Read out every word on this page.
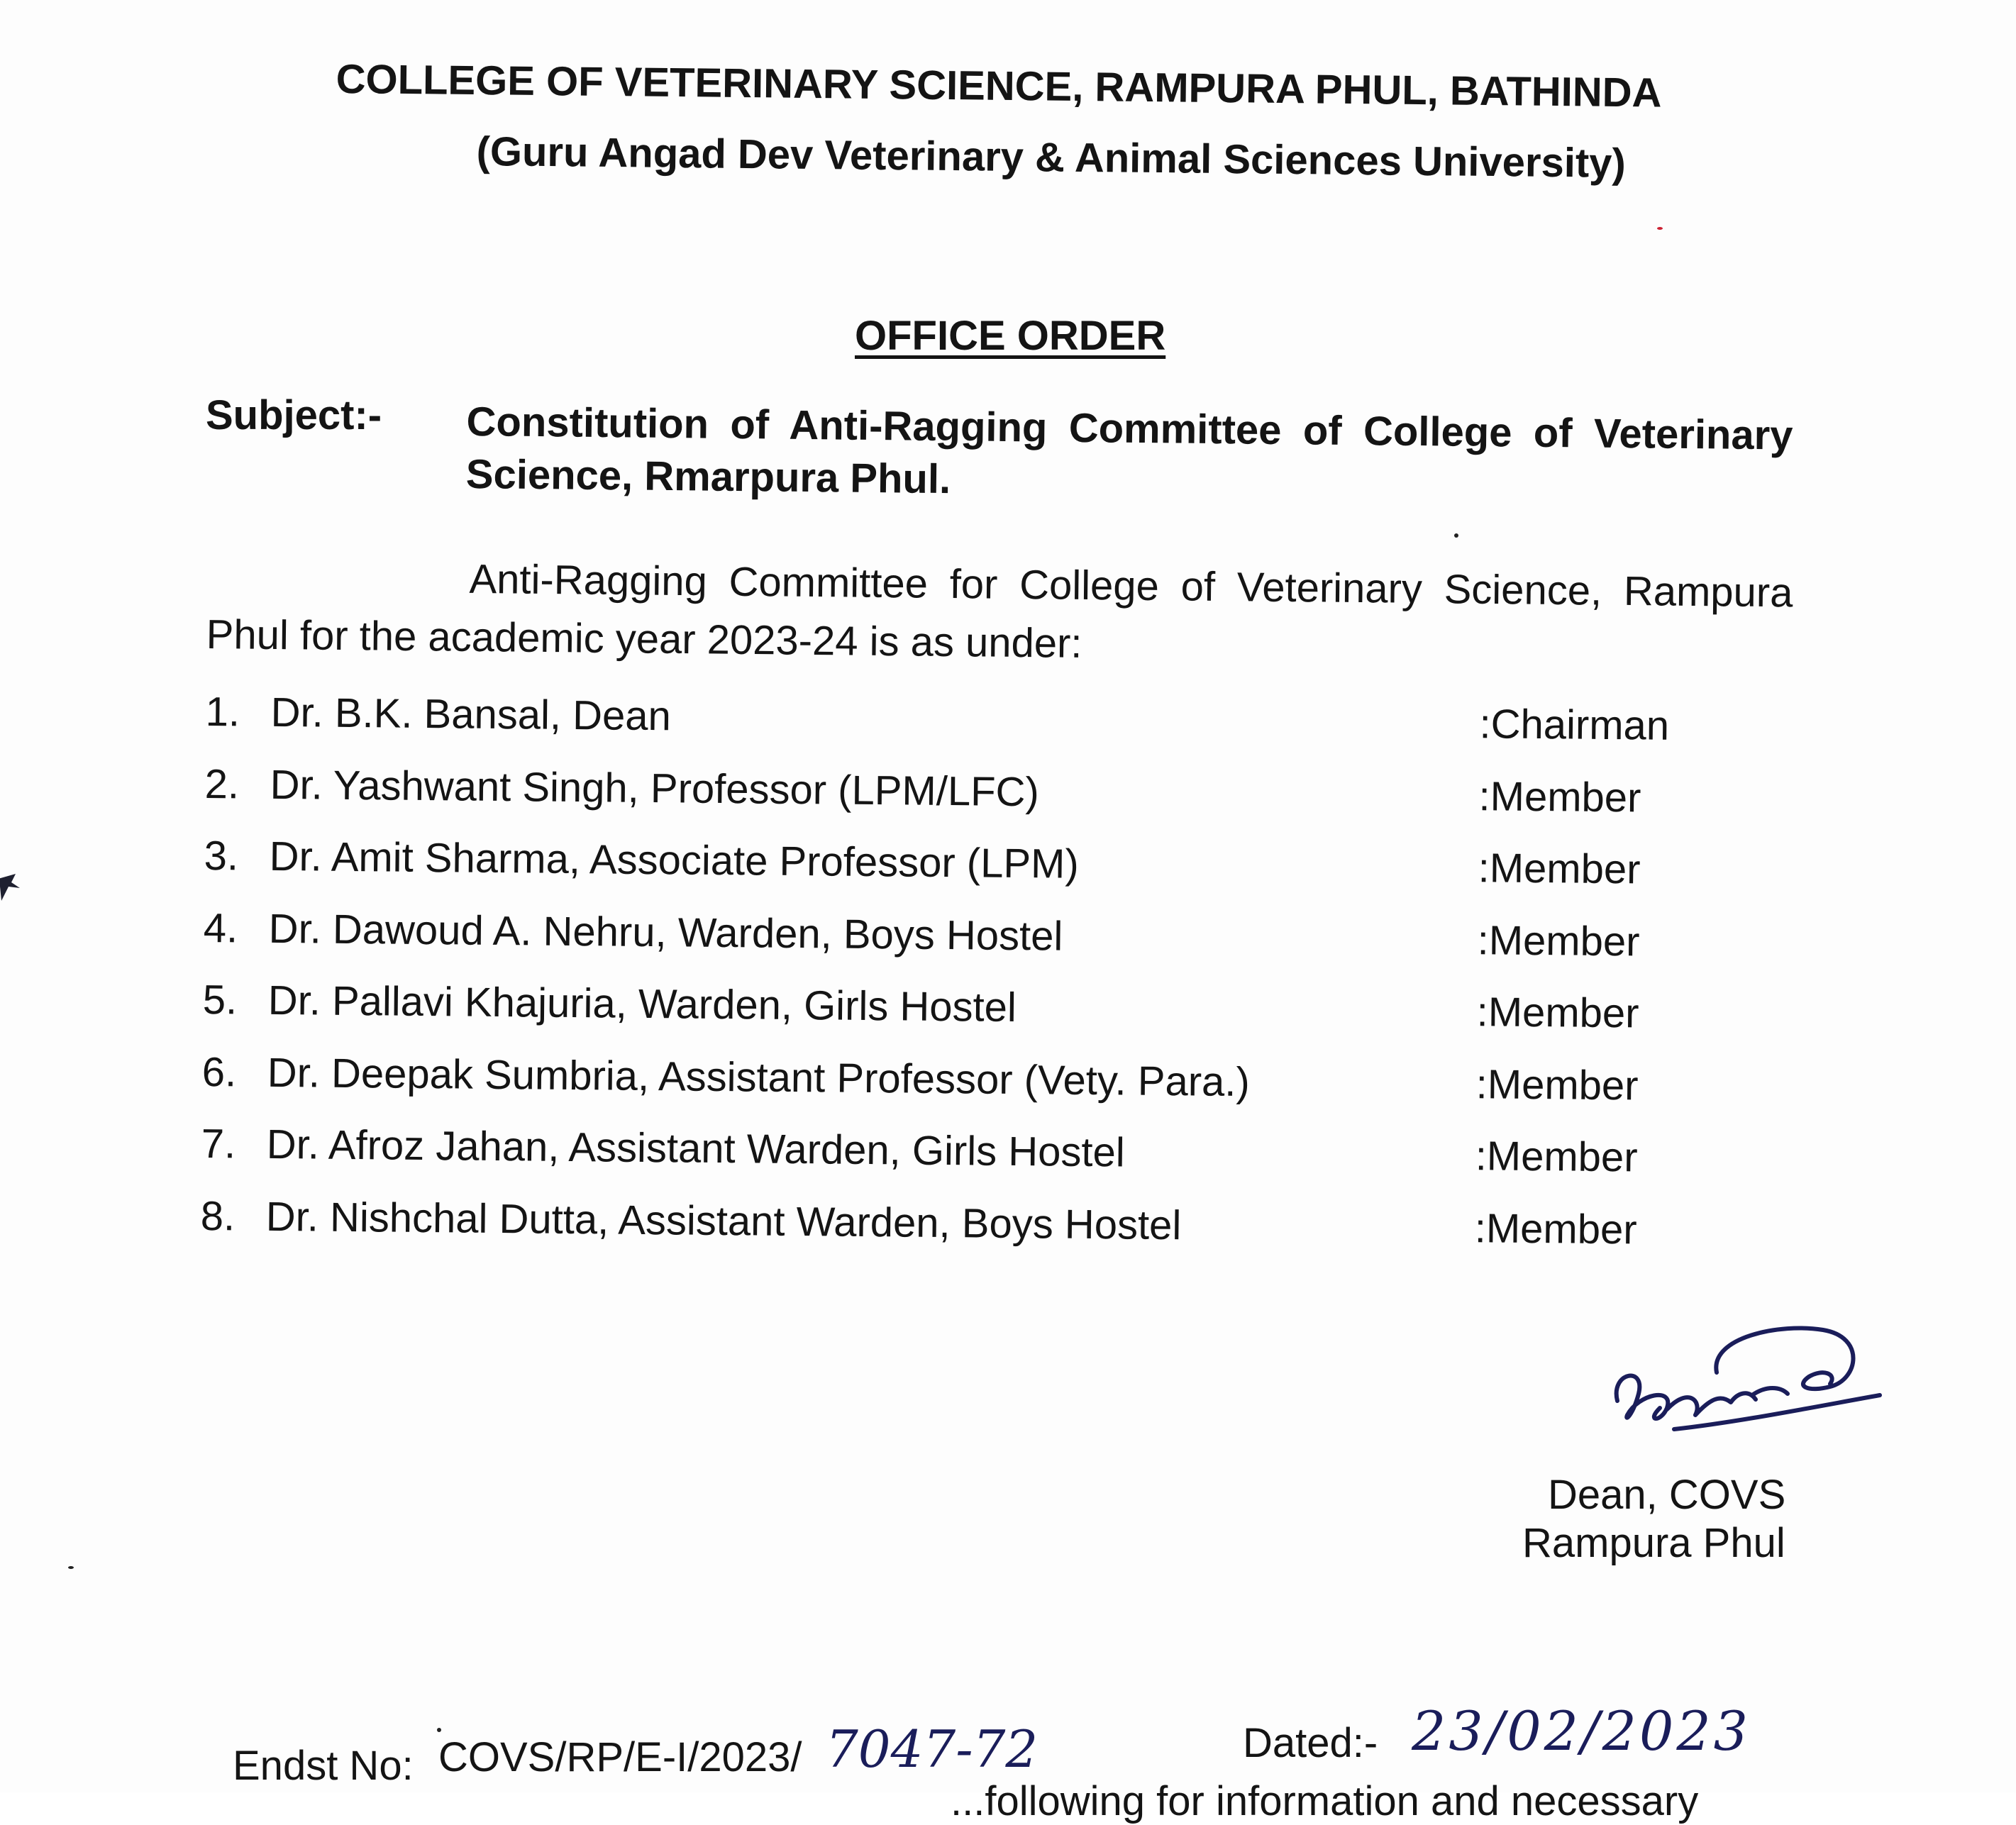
COLLEGE OF VETERINARY SCIENCE, RAMPURA PHUL, BATHINDA
(Guru Angad Dev Veterinary & Animal Sciences University)
OFFICE ORDER
Subject:- Constitution of Anti-Ragging Committee of College of Veterinary Science, Rmarpura Phul.
Anti-Ragging Committee for College of Veterinary Science, Rampura Phul for the academic year 2023-24 is as under:
1. Dr. B.K. Bansal, Dean	:Chairman
2. Dr. Yashwant Singh, Professor (LPM/LFC)	:Member
3. Dr. Amit Sharma, Associate Professor (LPM)	:Member
4. Dr. Dawoud A. Nehru, Warden, Boys Hostel	:Member
5. Dr. Pallavi Khajuria, Warden, Girls Hostel	:Member
6. Dr. Deepak Sumbria, Assistant Professor (Vety. Para.)	:Member
7. Dr. Afroz Jahan, Assistant Warden, Girls Hostel	:Member
8. Dr. Nishchal Dutta, Assistant Warden, Boys Hostel	:Member
Dean, COVS
Rampura Phul
Endst No: COVS/RP/E-I/2023/ 7047-72	Dated:- 23/02/2023
...following for information and necessary
